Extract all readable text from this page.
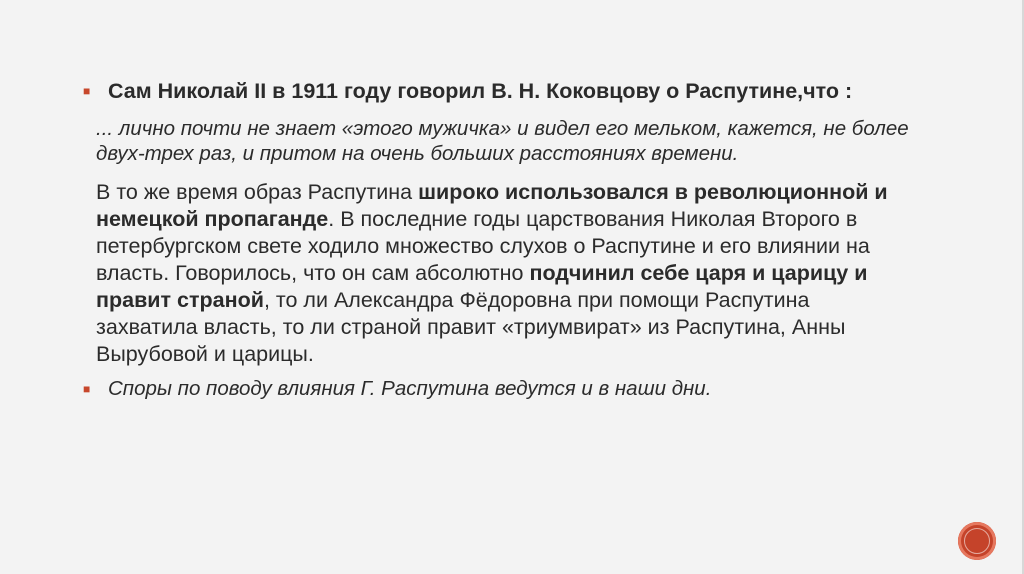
■ Сам Николай II в 1911 году говорил В. Н. Коковцову о Распутине,что :

... лично почти не знает «этого мужичка» и видел его мельком, кажется, не более двух-трех раз, и притом на очень больших расстояниях времени.

В то же время образ Распутина широко использовался в революционной и немецкой пропаганде. В последние годы царствования Николая Второго в петербургском свете ходило множество слухов о Распутине и его влиянии на власть. Говорилось, что он сам абсолютно подчинил себе царя и царицу и правит страной, то ли Александра Фёдоровна при помощи Распутина захватила власть, то ли страной правит «триумвират» из Распутина, Анны Вырубовой и царицы.

■ Споры по поводу влияния Г. Распутина ведутся и в наши дни.
